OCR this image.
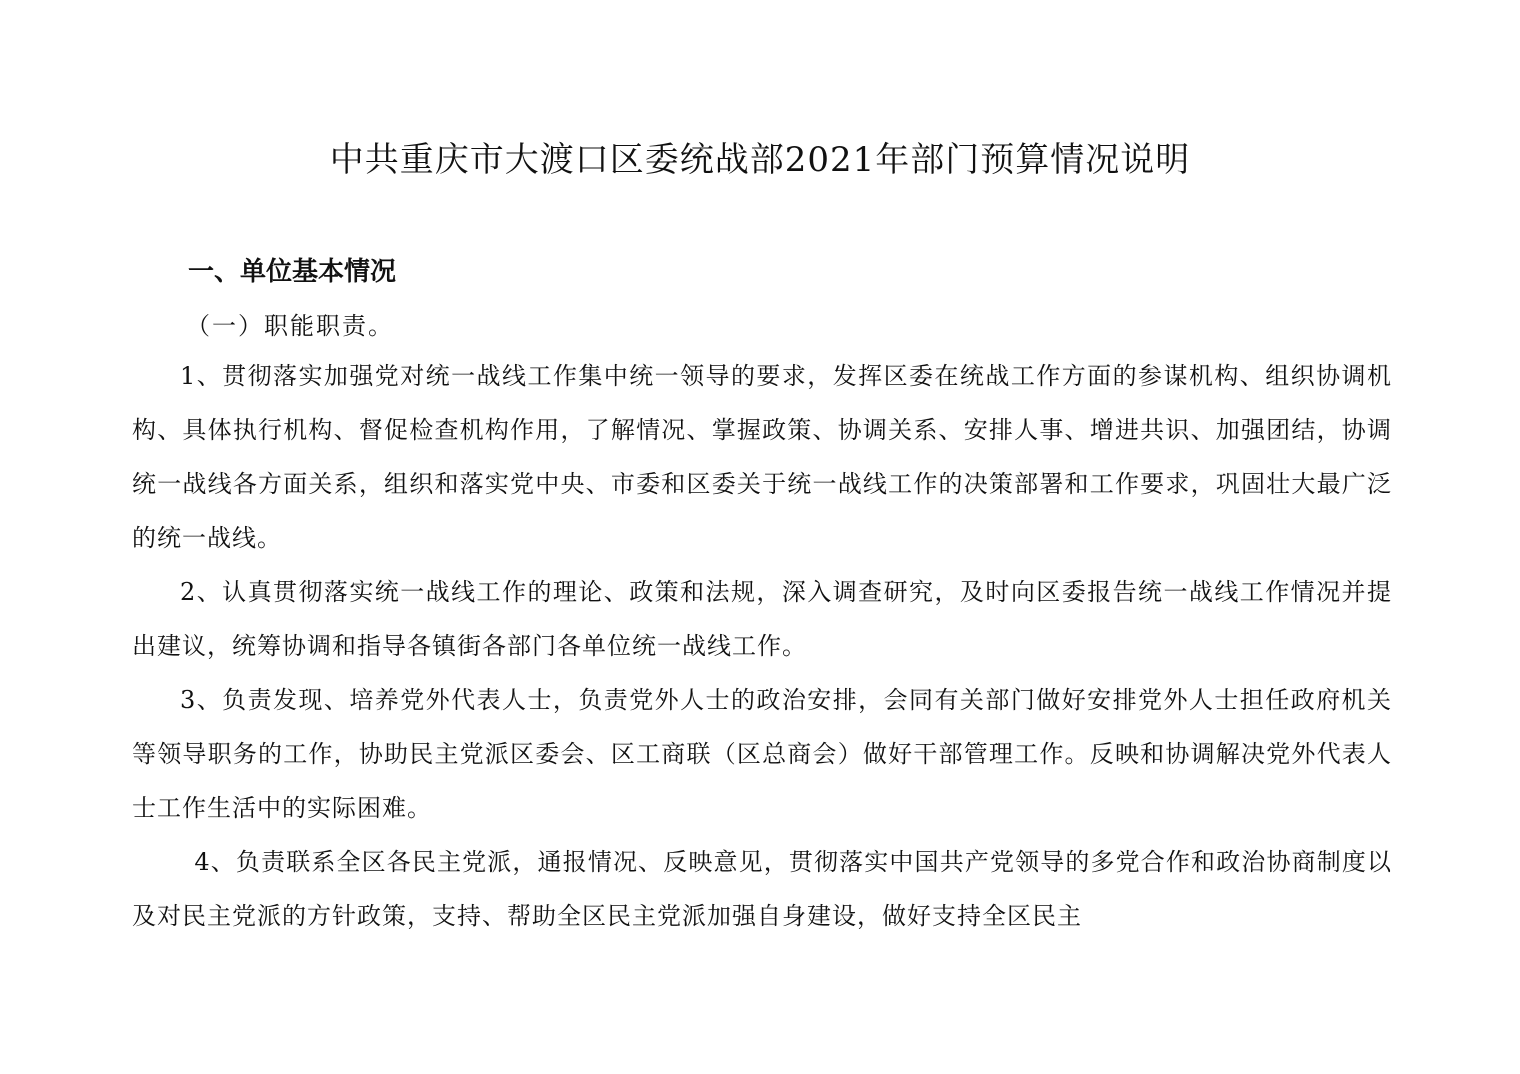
中共重庆市大渡口区委统战部2021年部门预算情况说明
一、单位基本情况
（一）职能职责。

1、贯彻落实加强党对统一战线工作集中统一领导的要求，发挥区委在统战工作方面的参谋机构、组织协调机构、具体执行机构、督促检查机构作用，了解情况、掌握政策、协调关系、安排人事、增进共识、加强团结，协调统一战线各方面关系，组织和落实党中央、市委和区委关于统一战线工作的决策部署和工作要求，巩固壮大最广泛的统一战线。

2、认真贯彻落实统一战线工作的理论、政策和法规，深入调查研究，及时向区委报告统一战线工作情况并提出建议，统筹协调和指导各镇街各部门各单位统一战线工作。

3、负责发现、培养党外代表人士，负责党外人士的政治安排，会同有关部门做好安排党外人士担任政府机关等领导职务的工作，协助民主党派区委会、区工商联（区总商会）做好干部管理工作。反映和协调解决党外代表人士工作生活中的实际困难。

4、负责联系全区各民主党派，通报情况、反映意见，贯彻落实中国共产党领导的多党合作和政治协商制度以及对民主党派的方针政策，支持、帮助全区民主党派加强自身建设，做好支持全区民主
